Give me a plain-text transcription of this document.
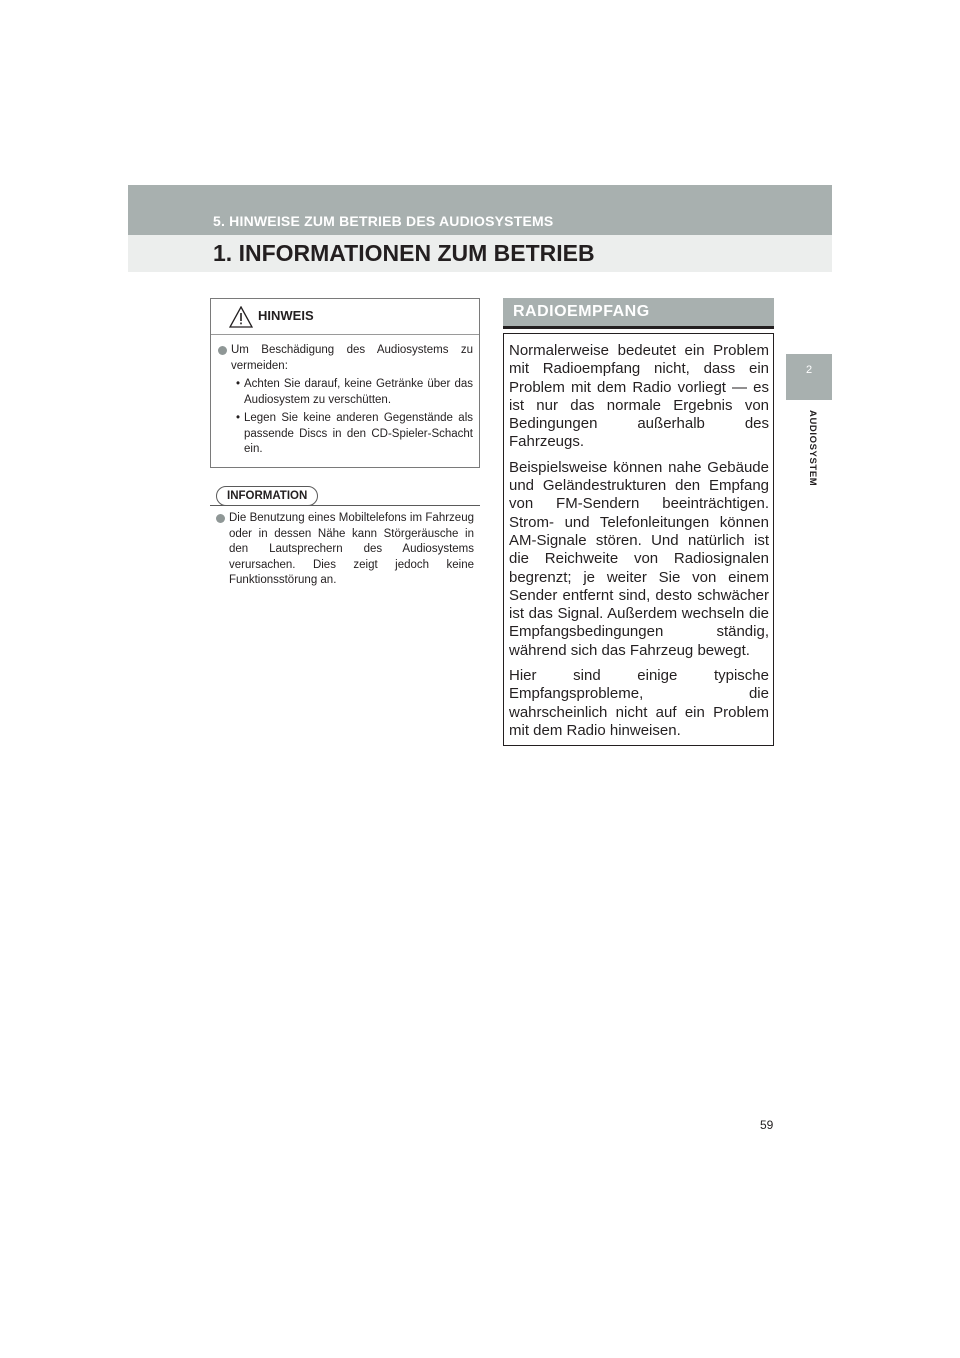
5. HINWEISE ZUM BETRIEB DES AUDIOSYSTEMS
1. INFORMATIONEN ZUM BETRIEB
2
AUDIOSYSTEM
HINWEIS
Um Beschädigung des Audiosystems zu vermeiden:
• Achten Sie darauf, keine Getränke über das Audiosystem zu verschütten.
• Legen Sie keine anderen Gegenstände als passende Discs in den CD-Spieler-Schacht ein.
INFORMATION
Die Benutzung eines Mobiltelefons im Fahrzeug oder in dessen Nähe kann Störgeräusche in den Lautsprechern des Audiosystems verursachen. Dies zeigt jedoch keine Funktionsstörung an.
RADIOEMPFANG

Normalerweise bedeutet ein Problem mit Radioempfang nicht, dass ein Problem mit dem Radio vorliegt — es ist nur das normale Ergebnis von Bedingungen außerhalb des Fahrzeugs.

Beispielsweise können nahe Gebäude und Geländestrukturen den Empfang von FM-Sendern beeinträchtigen. Strom- und Telefonleitungen können AM-Signale stören. Und natürlich ist die Reichweite von Radiosignalen begrenzt; je weiter Sie von einem Sender entfernt sind, desto schwächer ist das Signal. Außerdem wechseln die Empfangsbedingungen ständig, während sich das Fahrzeug bewegt.

Hier sind einige typische Empfangsprobleme, die wahrscheinlich nicht auf ein Problem mit dem Radio hinweisen.

59
